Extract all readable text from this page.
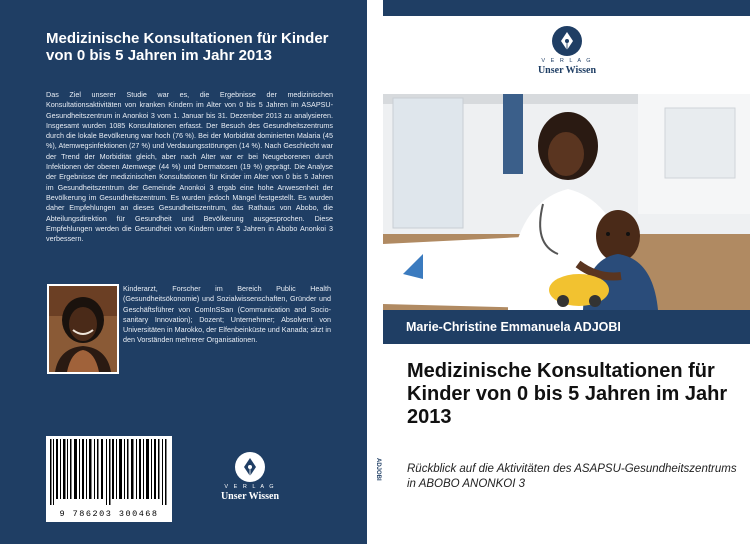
Medizinische Konsultationen für Kinder von 0 bis 5 Jahren im Jahr 2013

Das Ziel unserer Studie war es, die Ergebnisse der medizinischen Konsultationsaktivitäten von kranken Kindern im Alter von 0 bis 5 Jahren im ASAPSU-Gesundheitszentrum in Anonkoi 3 vom 1. Januar bis 31. Dezember 2013 zu analysieren. Insgesamt wurden 1085 Konsultationen erfasst. Der Besuch des Gesundheitszentrums durch die lokale Bevölkerung war hoch (76 %). Bei der Morbidität dominierten Malaria (45 %), Atemwegsinfektionen (27 %) und Verdauungsstörungen (14 %). Nach Geschlecht war der Trend der Morbidität gleich, aber nach Alter war er bei Neugeborenen durch Infektionen der oberen Atemwege (44 %) und Dermatosen (19 %) geprägt. Die Analyse der Ergebnisse der medizinischen Konsultationen für Kinder im Alter von 0 bis 5 Jahren im Gesundheitszentrum der Gemeinde Anonkoi 3 ergab eine hohe Anwesenheit der Bevölkerung im Gesundheitszentrum. Es wurden jedoch Mängel festgestellt. Es wurden daher Empfehlungen an dieses Gesundheitszentrum, das Rathaus von Abobo, die Abteilungsdirektion für Gesundheit und Bevölkerung ausgesprochen. Diese Empfehlungen werden die Gesundheit von Kindern unter 5 Jahren in Abobo Anonkoi 3 verbessern.

Kinderarzt, Forscher im Bereich Public Health (Gesundheitsökonomie) und Sozialwissenschaften, Gründer und Geschäftsführer von ComInSSan (Communication and Socio-sanitary Innovation); Dozent; Unternehmer; Absolvent von Universitäten in Marokko, der Elfenbeinküste und Kanada; sitzt in den Vorständen mehrerer Organisationen.

9 786203 300468
V E R L A G
Unser Wissen

ADJOBI

V E R L A G
Unser Wissen
Marie-Christine Emmanuela ADJOBI
Medizinische Konsultationen für Kinder von 0 bis 5 Jahren im Jahr 2013

Rückblick auf die Aktivitäten des ASAPSU-Gesundheitszentrums in ABOBO ANONKOI 3
